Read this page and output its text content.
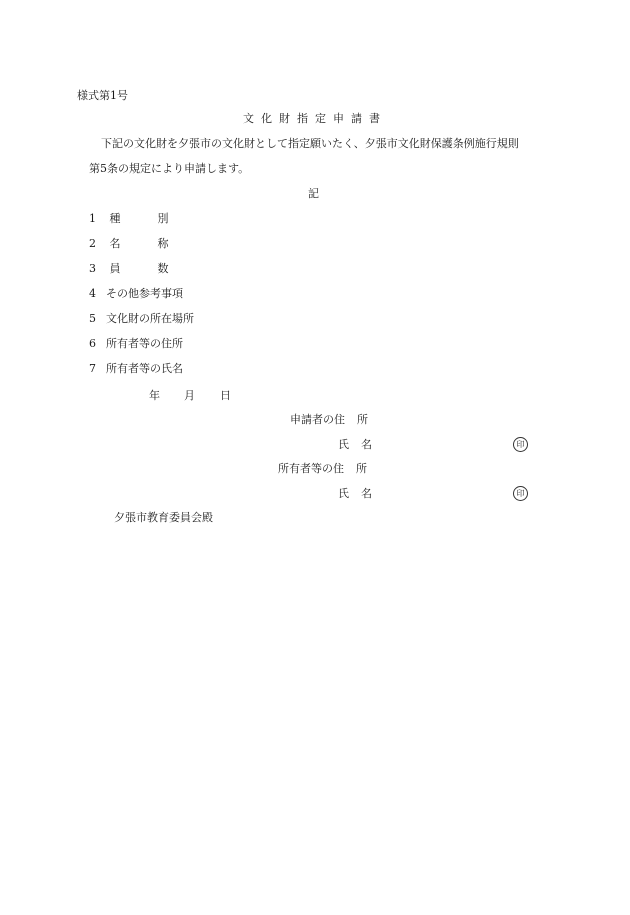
様式第1号
文化財指定申請書
下記の文化財を夕張市の文化財として指定願いたく、夕張市文化財保護条例施行規則
第5条の規定により申請します。
記
1 種	別
2 名	称
3 員	数
4 その他参考事項
5 文化財の所在場所
6 所有者等の住所
7 所有者等の氏名
年 月 日
申請者の住 所
氏 名	印
所有者等の住 所
氏 名	印
夕張市教育委員会殿
